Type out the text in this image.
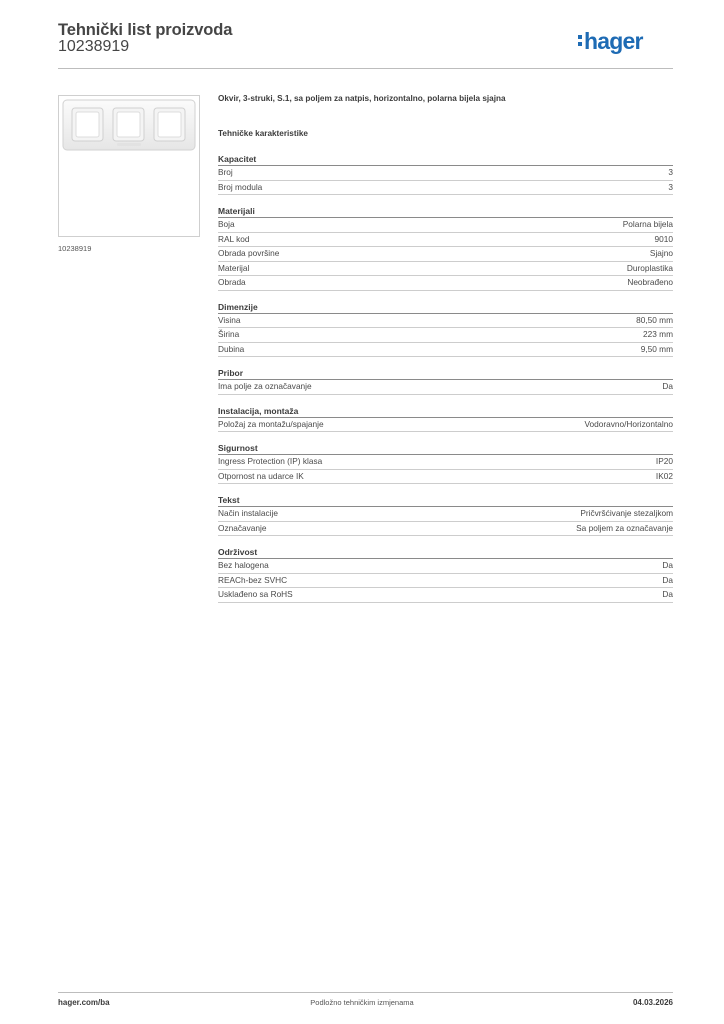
Tehnički list proizvoda
10238919	hager
10238919
Okvir, 3-struki, S.1, sa poljem za natpis, horizontalno, polarna bijela sjajna
Tehničke karakteristike
Kapacitet
Broj	3
Broj modula	3
Materijali
Boja	Polarna bijela
RAL kod	9010
Obrada površine	Sjajno
Materijal	Duroplastika
Obrada	Neobrađeno
Dimenzije
Visina	80,50 mm
Širina	223 mm
Dubina	9,50 mm
Pribor
Ima polje za označavanje	Da
Instalacija, montaža
Položaj za montažu/spajanje	Vodoravno/Horizontalno
Sigurnost
Ingress Protection (IP) klasa	IP20
Otpornost na udarce IK	IK02
Tekst
Način instalacije	Pričvršćivanje stezaljkom
Označavanje	Sa poljem za označavanje
Održivost
Bez halogena	Da
REACh-bez SVHC	Da
Usklađeno sa RoHS	Da
hager.com/ba	Podložno tehničkim izmjenama	04.03.2026
